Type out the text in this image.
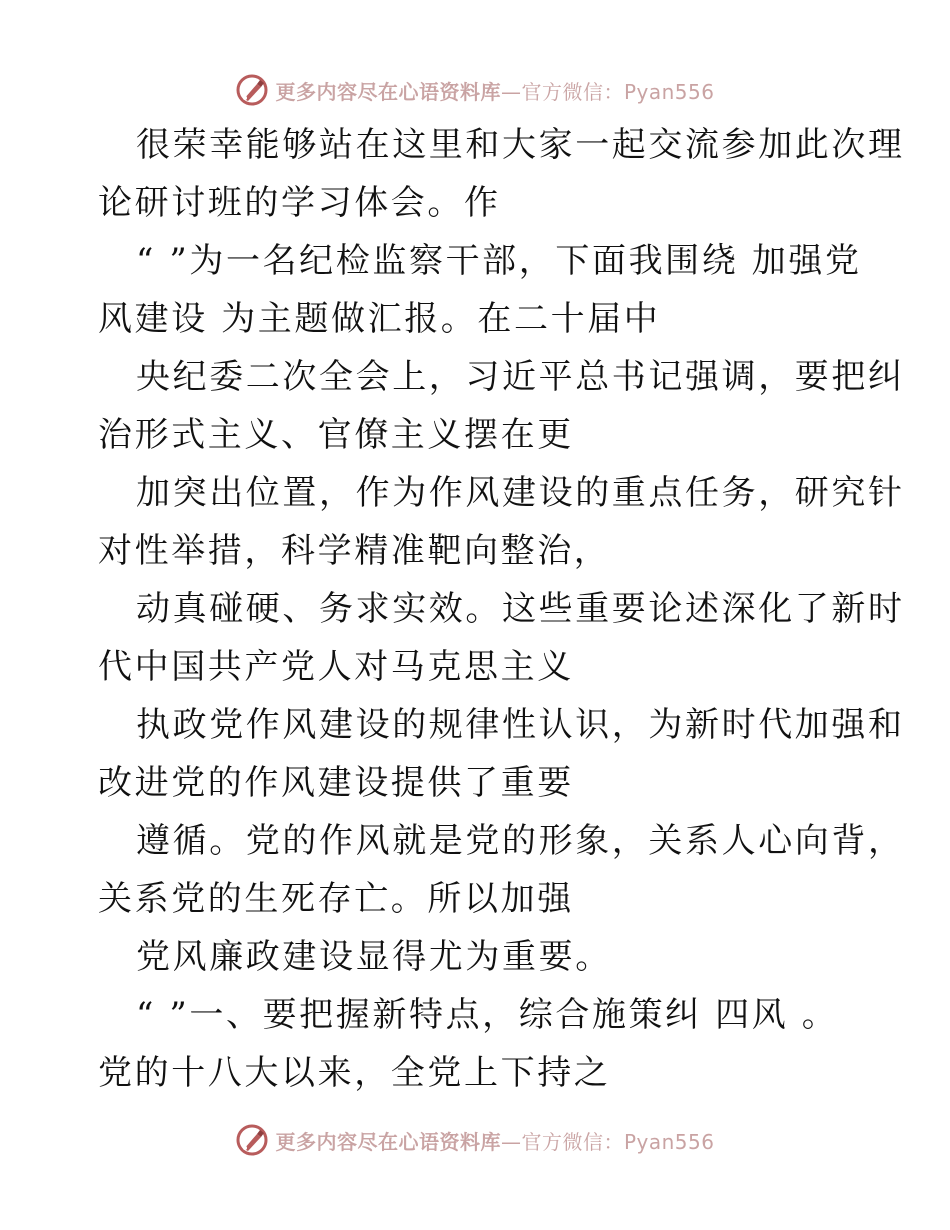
更多内容尽在心语资料库—官方微信：Pyan556
很荣幸能够站在这里和大家一起交流参加此次理
论研讨班的学习体会。作
“ ”为一名纪检监察干部，下面我围绕 加强党
风建设 为主题做汇报。在二十届中
央纪委二次全会上，习近平总书记强调，要把纠
治形式主义、官僚主义摆在更
加突出位置，作为作风建设的重点任务，研究针
对性举措，科学精准靶向整治，
动真碰硬、务求实效。这些重要论述深化了新时
代中国共产党人对马克思主义
执政党作风建设的规律性认识，为新时代加强和
改进党的作风建设提供了重要
遵循。党的作风就是党的形象，关系人心向背，
关系党的生死存亡。所以加强
党风廉政建设显得尤为重要。
“ ”一、要把握新特点，综合施策纠 四风 。
党的十八大以来，全党上下持之
更多内容尽在心语资料库—官方微信：Pyan556
